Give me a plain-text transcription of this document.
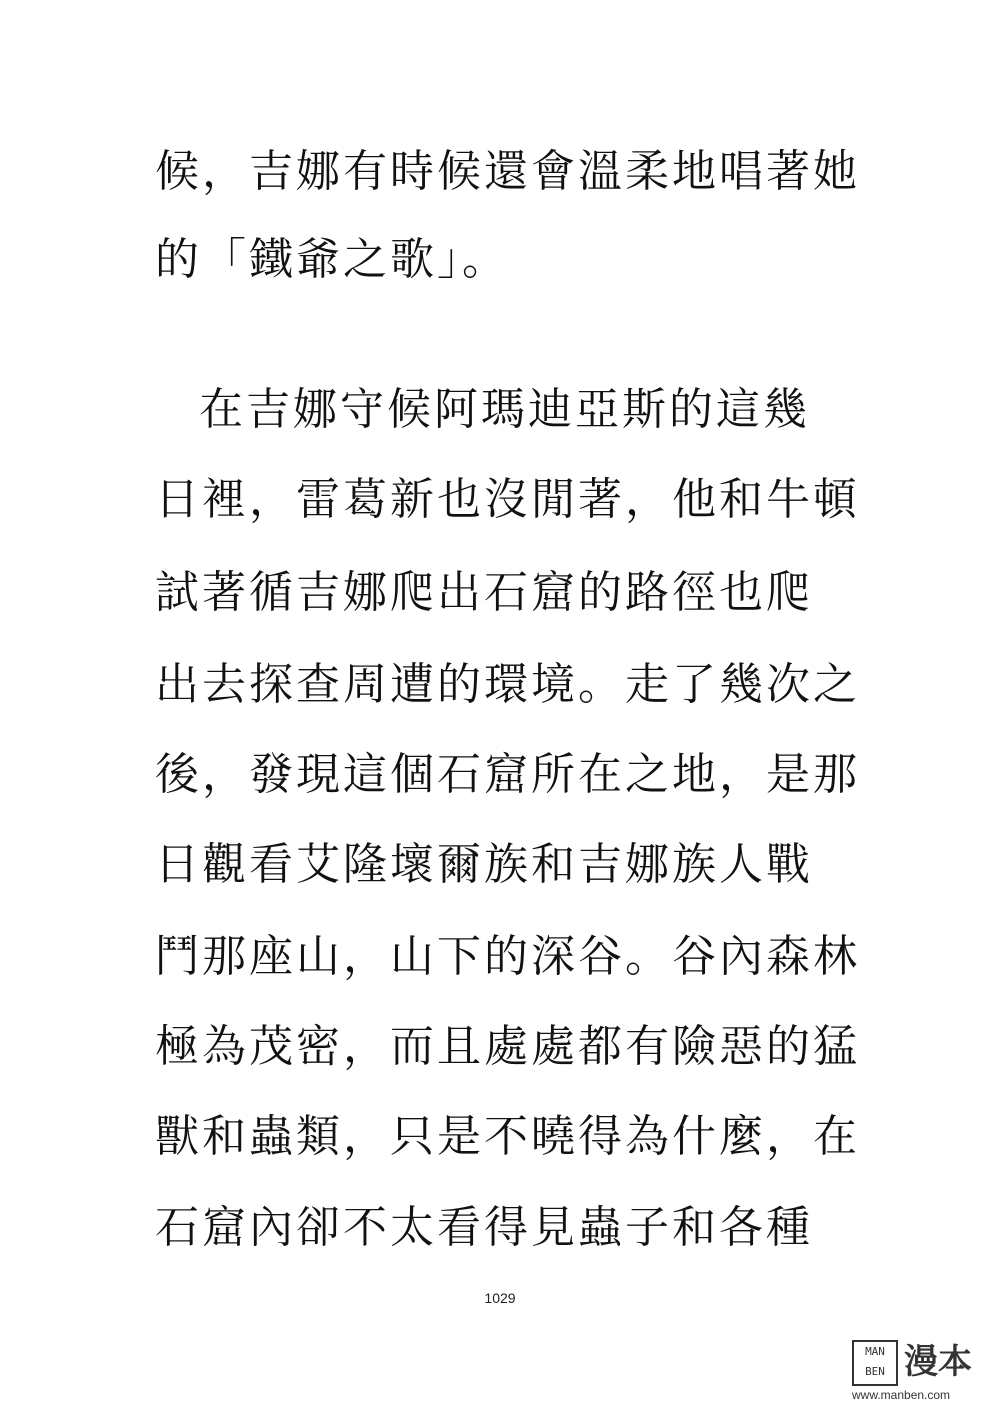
候，吉娜有時候還會溫柔地唱著她
的「鐵爺之歌」。
在吉娜守候阿瑪迪亞斯的這幾
日裡，雷葛新也沒閒著，他和牛頓
試著循吉娜爬出石窟的路徑也爬
出去探查周遭的環境。走了幾次之
後，發現這個石窟所在之地，是那
日觀看艾隆壞爾族和吉娜族人戰
鬥那座山，山下的深谷。谷內森林
極為茂密，而且處處都有險惡的猛
獸和蟲類，只是不曉得為什麼，在
石窟內卻不太看得見蟲子和各種
1029
MAN BEN 漫本
www.manben.com
